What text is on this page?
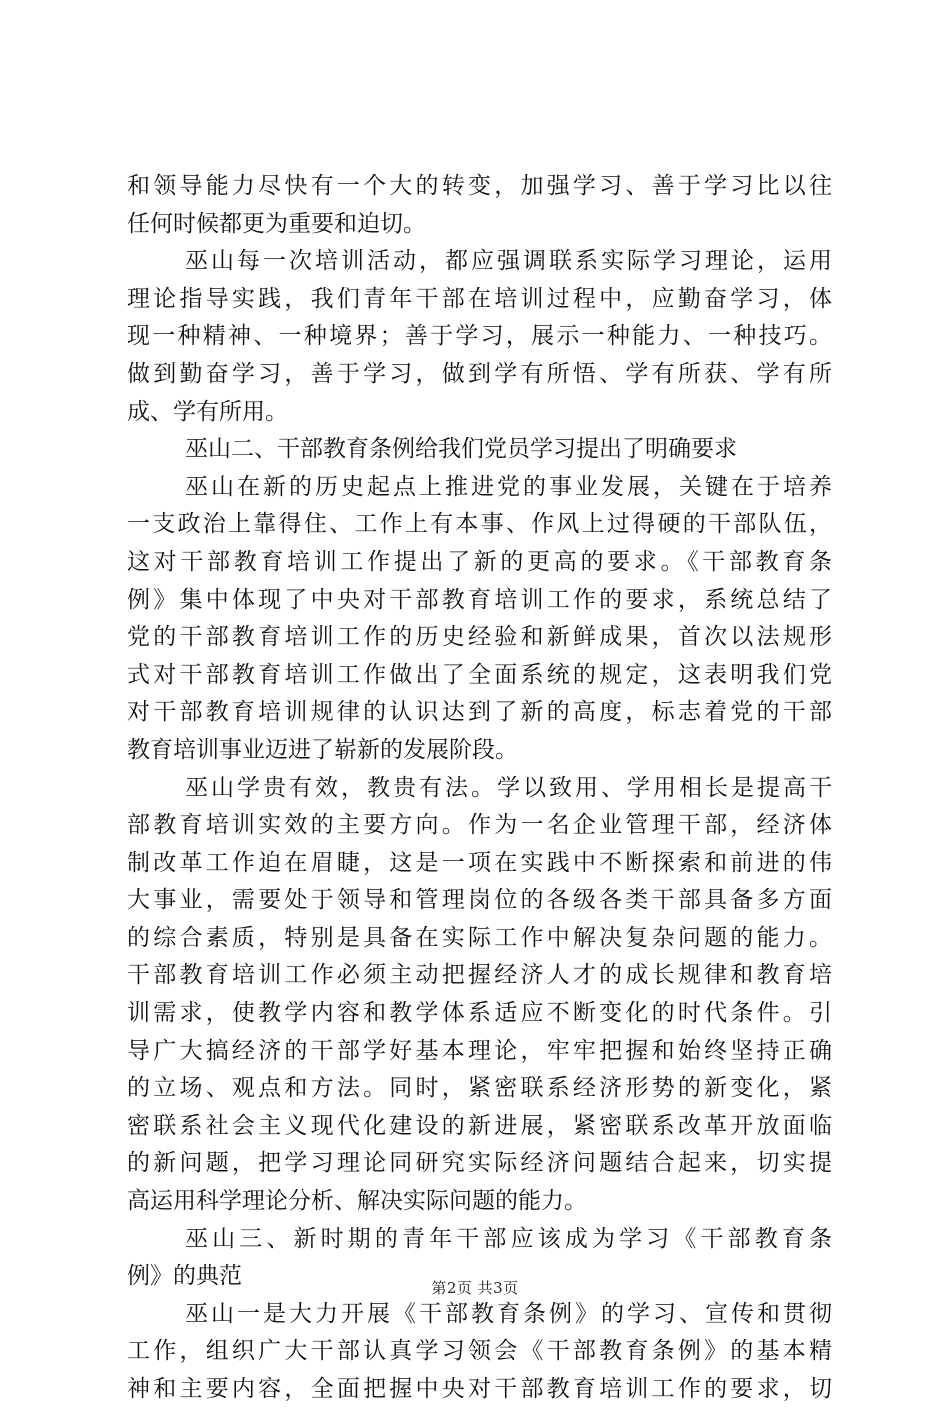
和领导能力尽快有一个大的转变，加强学习、善于学习比以往
任何时候都更为重要和迫切。
巫山每一次培训活动，都应强调联系实际学习理论，运用
理论指导实践，我们青年干部在培训过程中，应勤奋学习，体
现一种精神、一种境界；善于学习，展示一种能力、一种技巧。
做到勤奋学习，善于学习，做到学有所悟、学有所获、学有所
成、学有所用。
巫山二、干部教育条例给我们党员学习提出了明确要求
巫山在新的历史起点上推进党的事业发展，关键在于培养
一支政治上靠得住、工作上有本事、作风上过得硬的干部队伍，
这对干部教育培训工作提出了新的更高的要求。《干部教育条
例》集中体现了中央对干部教育培训工作的要求，系统总结了
党的干部教育培训工作的历史经验和新鲜成果，首次以法规形
式对干部教育培训工作做出了全面系统的规定，这表明我们党
对干部教育培训规律的认识达到了新的高度，标志着党的干部
教育培训事业迈进了崭新的发展阶段。
巫山学贵有效，教贵有法。学以致用、学用相长是提高干
部教育培训实效的主要方向。作为一名企业管理干部，经济体
制改革工作迫在眉睫，这是一项在实践中不断探索和前进的伟
大事业，需要处于领导和管理岗位的各级各类干部具备多方面
的综合素质，特别是具备在实际工作中解决复杂问题的能力。
干部教育培训工作必须主动把握经济人才的成长规律和教育培
训需求，使教学内容和教学体系适应不断变化的时代条件。引
导广大搞经济的干部学好基本理论，牢牢把握和始终坚持正确
的立场、观点和方法。同时，紧密联系经济形势的新变化，紧
密联系社会主义现代化建设的新进展，紧密联系改革开放面临
的新问题，把学习理论同研究实际经济问题结合起来，切实提
高运用科学理论分析、解决实际问题的能力。
巫山三、新时期的青年干部应该成为学习《干部教育条
例》的典范
巫山一是大力开展《干部教育条例》的学习、宣传和贯彻
工作，组织广大干部认真学习领会《干部教育条例》的基本精
神和主要内容，全面把握中央对干部教育培训工作的要求，切
第2页 共3页
